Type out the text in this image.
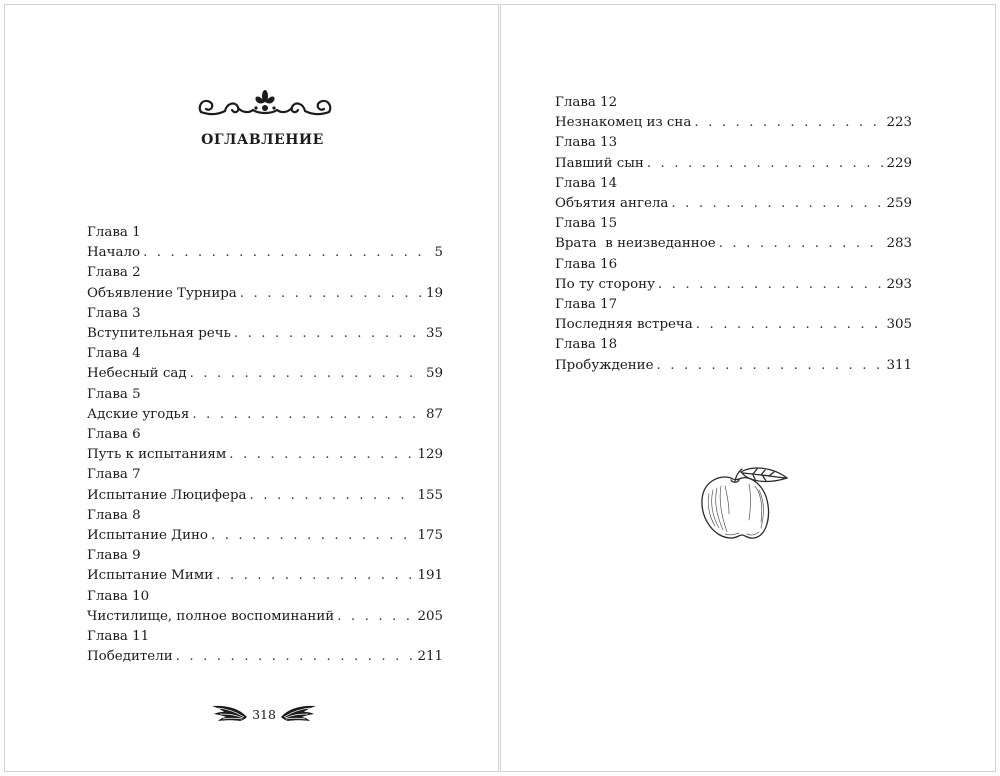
ОГЛАВЛЕНИЕ
Глава 1
Начало . . .	5
Глава 2
Объявление Турнира . . .	19
Глава 3
Вступительная речь . . .	35
Глава 4
Небесный сад . . .	59
Глава 5
Адские угодья . . .	87
Глава 6
Путь к испытаниям . . .	129
Глава 7
Испытание Люцифера . . .	155
Глава 8
Испытание Дино . . .	175
Глава 9
Испытание Мими . . .	191
Глава 10
Чистилище, полное воспоминаний . . .	205
Глава 11
Победители . . .	211
Глава 12
Незнакомец из сна . . .	223
Глава 13
Павший сын . . .	229
Глава 14
Объятия ангела . . .	259
Глава 15
Врата  в неизведанное . . .	283
Глава 16
По ту сторону . . .	293
Глава 17
Последняя встреча . . .	305
Глава 18
Пробуждение . . .	311
318
